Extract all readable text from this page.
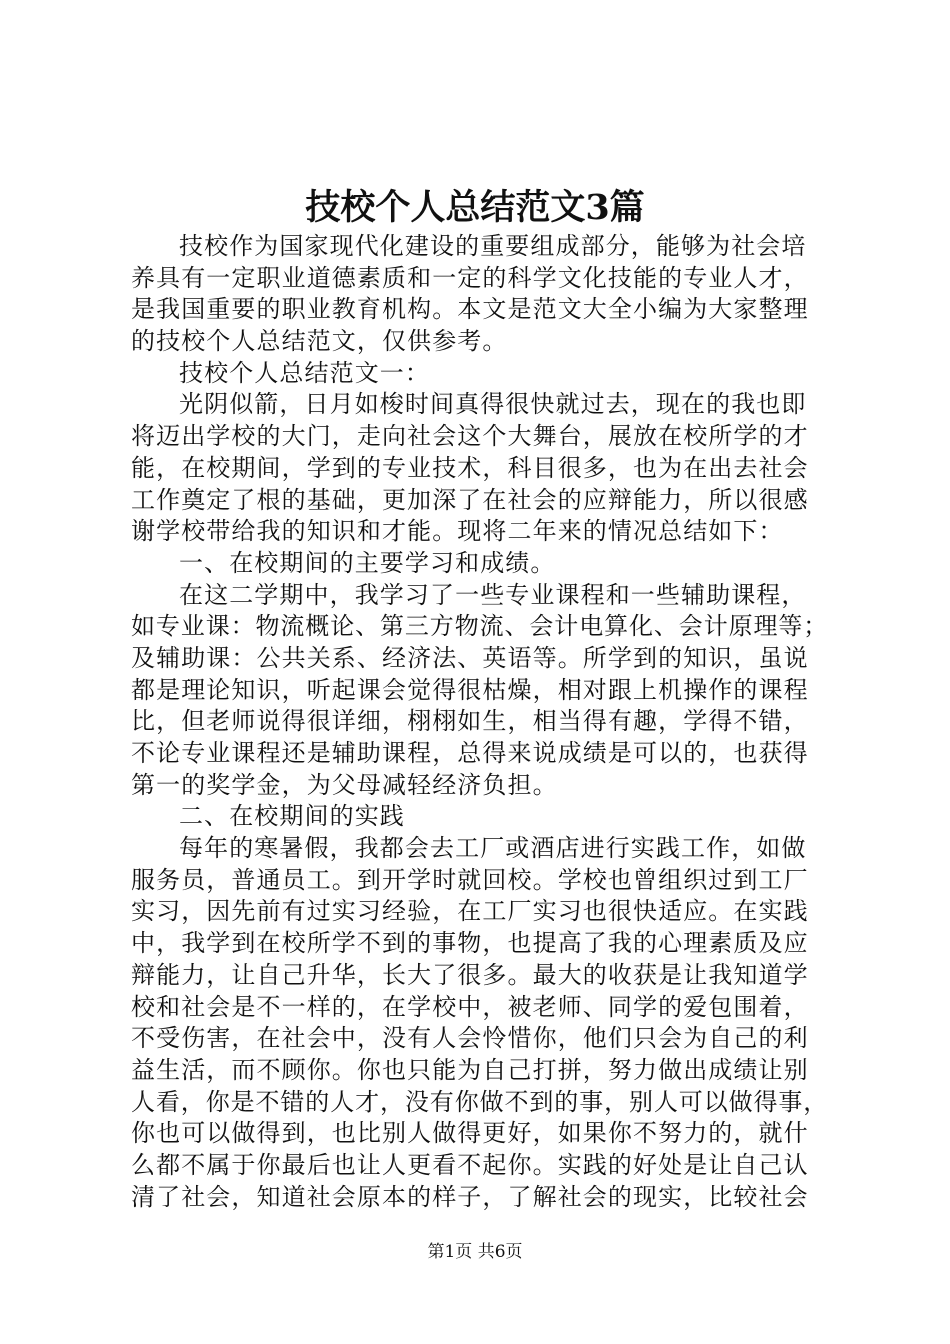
技校个人总结范文3篇
技校作为国家现代化建设的重要组成部分，能够为社会培
养具有一定职业道德素质和一定的科学文化技能的专业人才，
是我国重要的职业教育机构。本文是范文大全小编为大家整理
的技校个人总结范文，仅供参考。
技校个人总结范文一：
光阴似箭，日月如梭时间真得很快就过去，现在的我也即
将迈出学校的大门，走向社会这个大舞台，展放在校所学的才
能，在校期间，学到的专业技术，科目很多，也为在出去社会
工作奠定了根的基础，更加深了在社会的应辩能力，所以很感
谢学校带给我的知识和才能。现将二年来的情况总结如下：
一、在校期间的主要学习和成绩。
在这二学期中，我学习了一些专业课程和一些辅助课程，
如专业课：物流概论、第三方物流、会计电算化、会计原理等；
及辅助课：公共关系、经济法、英语等。所学到的知识，虽说
都是理论知识，听起课会觉得很枯燥，相对跟上机操作的课程
比，但老师说得很详细，栩栩如生，相当得有趣，学得不错，
不论专业课程还是辅助课程，总得来说成绩是可以的，也获得
第一的奖学金，为父母减轻经济负担。
二、在校期间的实践
每年的寒暑假，我都会去工厂或酒店进行实践工作，如做
服务员，普通员工。到开学时就回校。学校也曾组织过到工厂
实习，因先前有过实习经验，在工厂实习也很快适应。在实践
中，我学到在校所学不到的事物，也提高了我的心理素质及应
辩能力，让自己升华，长大了很多。最大的收获是让我知道学
校和社会是不一样的，在学校中，被老师、同学的爱包围着，
不受伤害，在社会中，没有人会怜惜你，他们只会为自己的利
益生活，而不顾你。你也只能为自己打拼，努力做出成绩让别
人看，你是不错的人才，没有你做不到的事，别人可以做得事，
你也可以做得到，也比别人做得更好，如果你不努力的，就什
么都不属于你最后也让人更看不起你。实践的好处是让自己认
清了社会，知道社会原本的样子，了解社会的现实，比较社会
第1页 共6页
